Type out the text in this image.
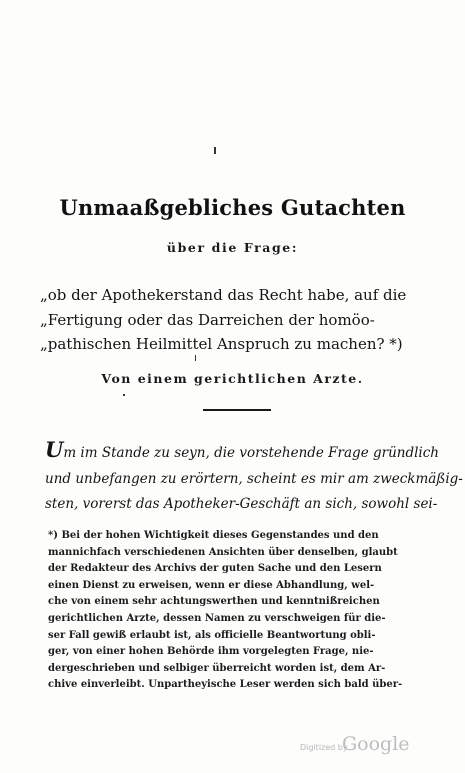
Unmaaßgebliches Gutachten
über die Frage:
„ob der Apothekerstand das Recht habe, auf die
„Fertigung oder das Darreichen der homöo-
„pathischen Heilmittel Anspruch zu machen? *)
Von einem gerichtlichen Arzte.
Um im Stande zu seyn, die vorstehende Frage gründlich
und unbefangen zu erörtern, scheint es mir am zweckmäßig-
sten, vorerst das Apotheker-Geschäft an sich, sowohl sei-
*) Bei der hohen Wichtigkeit dieses Gegenstandes und den
mannichfach verschiedenen Ansichten über denselben, glaubt
der Redakteur des Archivs der guten Sache und den Lesern
einen Dienst zu erweisen, wenn er diese Abhandlung, wel-
che von einem sehr achtungswerthen und kenntnißreichen
gerichtlichen Arzte, dessen Namen zu verschweigen für die-
ser Fall gewiß erlaubt ist, als officielle Beantwortung obli-
ger, von einer hohen Behörde ihm vorgelegten Frage, nie-
dergeschrieben und selbiger überreicht worden ist, dem Ar-
chive einverleibt. Unpartheyische Leser werden sich bald über-
Digitized by
Google
